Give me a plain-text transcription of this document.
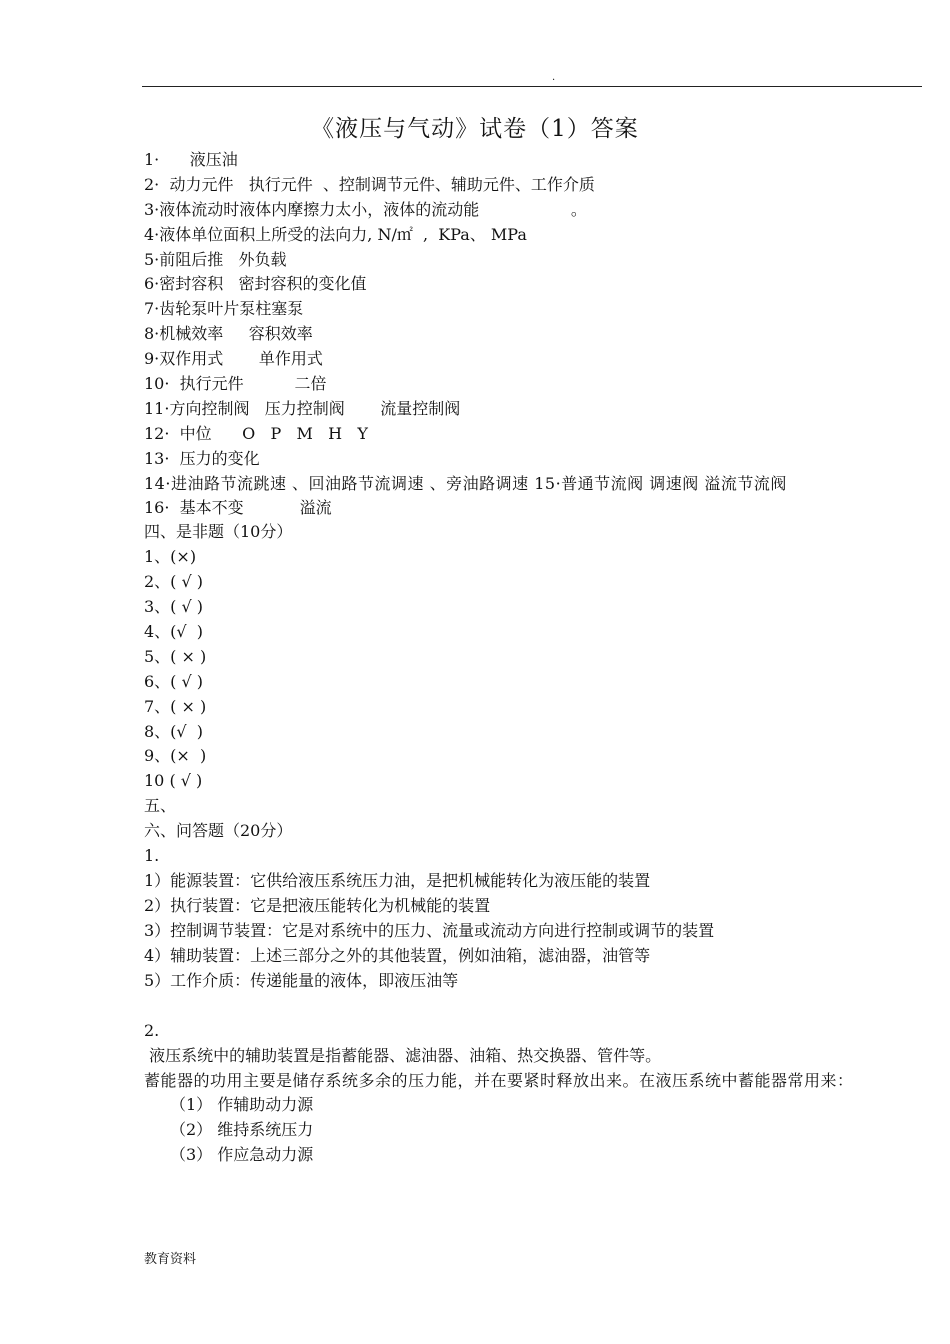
.
《液压与气动》试卷（1）答案
1·      液压油
2·  动力元件   执行元件  、控制调节元件、辅助元件、工作介质
3·液体流动时液体内摩擦力太小，液体的流动能                  。
4·液体单位面积上所受的法向力, N/㎡  ,  KPa、 MPa
5·前阻后推   外负载
6·密封容积   密封容积的变化值
7·齿轮泵叶片泵柱塞泵
8·机械效率     容积效率
9·双作用式       单作用式
10·  执行元件          二倍
11·方向控制阀   压力控制阀       流量控制阀
12·  中位      O   P   M   H   Y
13·  压力的变化
14·进油路节流跳速 、回油路节流调速 、旁油路调速 15·普通节流阀 调速阀 溢流节流阀
16·  基本不变           溢流
四、是非题（10分）
1、(×)
2、( √ )
3、( √ )
4、(√  )
5、( × )
6、( √ )
7、( × )
8、(√  )
9、(×  )
10 ( √ )
五、
六、问答题（20分）
1.
1）能源装置：它供给液压系统压力油，是把机械能转化为液压能的装置
2）执行装置：它是把液压能转化为机械能的装置
3）控制调节装置：它是对系统中的压力、流量或流动方向进行控制或调节的装置
4）辅助装置：上述三部分之外的其他装置，例如油箱，滤油器，油管等
5）工作介质：传递能量的液体，即液压油等
2.
液压系统中的辅助装置是指蓄能器、滤油器、油箱、热交换器、管件等。
蓄能器的功用主要是储存系统多余的压力能，并在要紧时释放出来。在液压系统中蓄能器常用来：
（1） 作辅助动力源
（2） 维持系统压力
（3） 作应急动力源
教育资料
